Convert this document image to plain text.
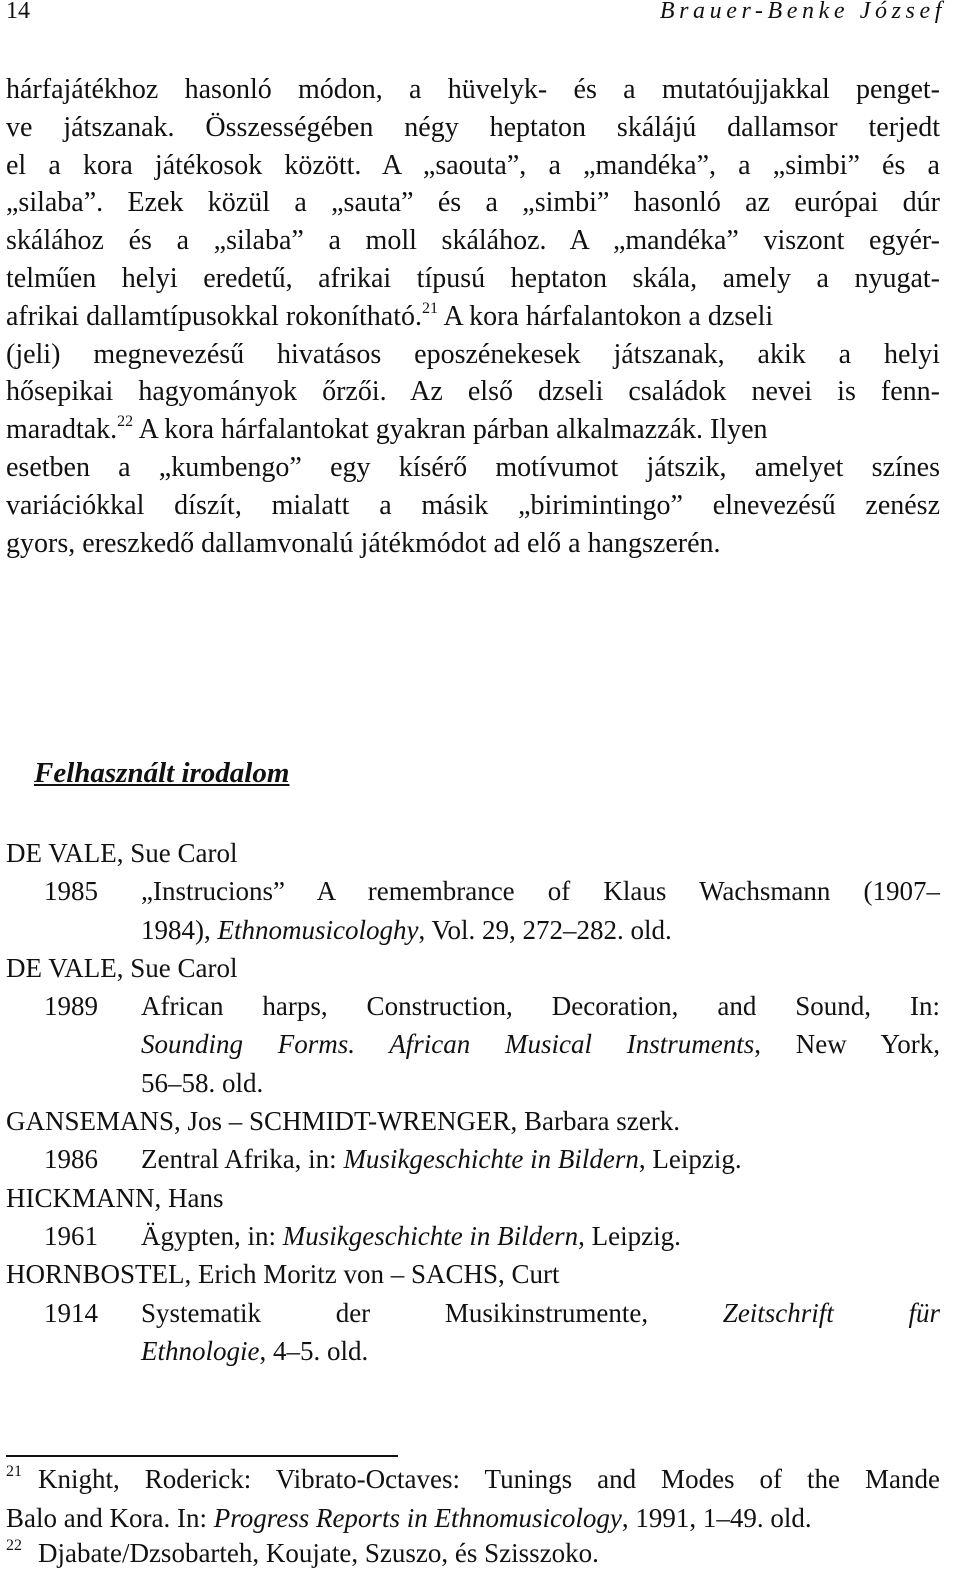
14	Brauer-Benke József
hárfajátékhoz hasonló módon, a hüvelyk- és a mutatóujjakkal penget-
ve játszanak. Összességében négy heptaton skálájú dallamsor terjedt
el a kora játékosok között. A „saouta”, a „mandéka”, a „simbi” és a
„silaba”. Ezek közül a „sauta” és a „simbi” hasonló az európai dúr
skálához és a „silaba” a moll skálához. A „mandéka” viszont egyér-
telműen helyi eredetű, afrikai típusú heptaton skála, amely a nyugat-
afrikai dallamtípusokkal rokonítható.$^{21}$ A kora hárfalantokon a dzseli
(jeli) megnevezésű hivatásos eposzénekesek játszanak, akik a helyi
hősepikai hagyományok őrzői. Az első dzseli családok nevei is fenn-
maradtak.$^{22}$ A kora hárfalantokat gyakran párban alkalmazzák. Ilyen
esetben a „kumbengo” egy kísérő motívumot játszik, amelyet színes
variációkkal díszít, mialatt a másik „birimintingo” elnevezésű zenész
gyors, ereszkedő dallamvonalú játékmódot ad elő a hangszerén.
Felhasznált irodalom
DE VALE, Sue Carol
1985	„Instrucions” A remembrance of Klaus Wachsmann (1907–
1984), Ethnomusicologhy, Vol. 29, 272–282. old.
DE VALE, Sue Carol
1989	African harps, Construction, Decoration, and Sound, In:
Sounding Forms. African Musical Instruments, New York,
56–58. old.
GANSEMANS, Jos – SCHMIDT-WRENGER, Barbara szerk.
1986	Zentral Afrika, in: Musikgeschichte in Bildern, Leipzig.
HICKMANN, Hans
1961	Ägypten, in: Musikgeschichte in Bildern, Leipzig.
HORNBOSTEL, Erich Moritz von – SACHS, Curt
1914	Systematik der Musikinstrumente, Zeitschrift für
Ethnologie, 4–5. old.
$^{21}$ Knight, Roderick: Vibrato-Octaves: Tunings and Modes of the Mande
Balo and Kora. In: Progress Reports in Ethnomusicology, 1991, 1–49. old.
$^{22}$ Djabate/Dzsobarteh, Koujate, Szuszo, és Szisszoko.
